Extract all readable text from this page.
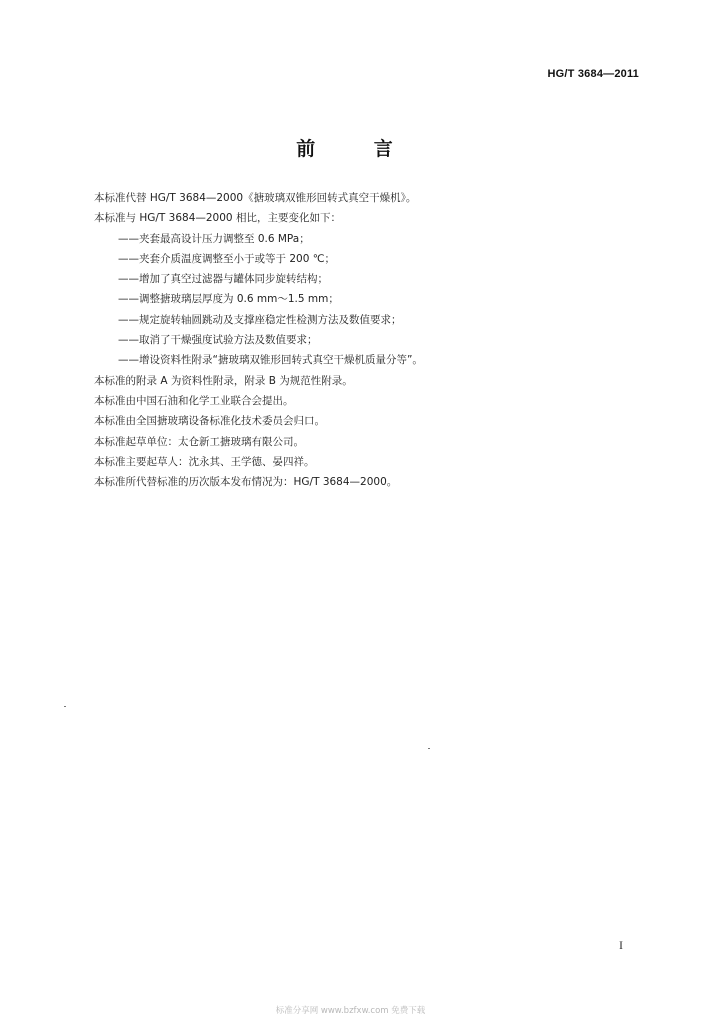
HG/T 3684—2011
前 言
本标准代替 HG/T 3684—2000《搪玻璃双锥形回转式真空干燥机》。
本标准与 HG/T 3684—2000 相比，主要变化如下：
——夹套最高设计压力调整至 0.6 MPa；
——夹套介质温度调整至小于或等于 200 ℃；
——增加了真空过滤器与罐体同步旋转结构；
——调整搪玻璃层厚度为 0.6 mm～1.5 mm；
——规定旋转轴圆跳动及支撑座稳定性检测方法及数值要求；
——取消了干燥强度试验方法及数值要求；
——增设资料性附录“搪玻璃双锥形回转式真空干燥机质量分等”。
本标准的附录 A 为资料性附录，附录 B 为规范性附录。
本标准由中国石油和化学工业联合会提出。
本标准由全国搪玻璃设备标准化技术委员会归口。
本标准起草单位：太仓新工搪玻璃有限公司。
本标准主要起草人：沈永其、王学德、晏四祥。
本标准所代替标准的历次版本发布情况为：HG/T 3684—2000。
I
标准分享网 www.bzfxw.com 免费下载
